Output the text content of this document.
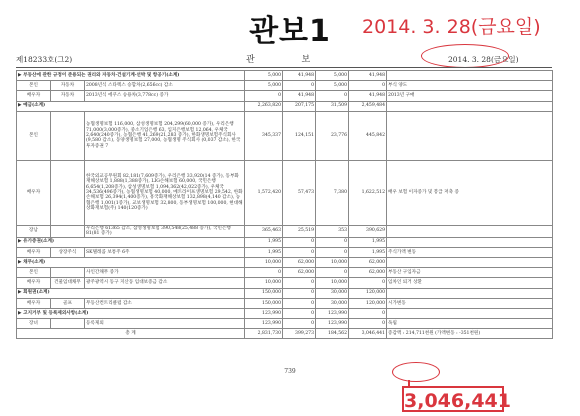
관보1	2014. 3. 28(금요일)
제18233호(그2)	관 보	2014. 3. 28(금요일)
▶ 부동산에 관한 규정이 준용되는 권리와 자동차·건설기계·선박 및 항공기(소계)			5,000	41,948	5,000	41,948	
본인	자동차	2008년식 스타렉스 승합차(2,656cc) 감소	5,000	0	5,000	0	부식 양도
배우자	자동차	2013년식 에쿠스 승용차(3,778cc) 증가	0	41,948	0	41,948	2013년 구매
▶ 예금(소계)			2,263,820	207,175	31,509	2,459,484	
본인		농협생명보험 116,000, 삼성생명보험 204,299(60,000 증가), 우리은행 71,000(3,000증가), 중소기업은행 63, 입지은행보험 12,064, 우체국 2,640(240증가), 농협은행 41,269(21,283 증가), 한화생명보험주식회사 (9,580 감소), 동양생명보험 27,000, 농협생명 주식회사 (0,037 감소), 한국투자증권 7	345,337	124,151	23,776	445,842	
배우자		한국외교공무원회 82,181(7,609증가), 우리은행 33,920(14 증가), 동부화재해상보험 1,888(1,388증가), LIG손해보험 60,000, 국민은행 6,654(1,208증가), 삼성생명보험 1,094,362(42,022증가), 우체국 34,536(496증가), 농협생명보험 40,000, 메트라이프생명보험 29,542, 한화손해보험 26,394(1,400증가), 흥국화재해상보험 132,898(4,140 감소), 농협은행 1,001(1증가), 교보생명보험 32,800, 동부생명보험 100,000, 현대해상화재보험(주) 140(120증가)	1,572,420	57,473	7,380	1,622,512	배우 보험 이자증가 및 봉급 저축 증
장남		우리은행 61365 감소, 삼성생명보험 390,548(25,488 증가), 국민은행 81(81 증가)	365,463	25,519	353	390,629	
▶ 유가증권(소계)			1,995	0	0	1,995	
배우자	상장주식	SK텔레콤 보통주 6주	1,995	0	0	1,995	주식가액 변동
▶ 채무(소계)			10,000	62,000	10,000	62,000	
본인		사인간채무 증가	0	62,000	0	62,000	부동산 구입자금
배우자	건물임대채무	광주광역시 동구 지산동 임대보증금 감소	10,000	0	10,000	0	임차인 퇴거 상환
▶ 회원권(소계)			150,000	0	30,000	120,000	
배우자	골프	무등산컨트리클럽 감소	150,000	0	30,000	120,000	시가변동
▶ 고지거부 및 등록제외사항(소계)			123,990	0	123,990	0	
장녀		등록제외	123,990	0	123,990	0	독립
총 계			2,831,730	399,273	184,562	3,046,441	증감액 : 214,711천원 (가액변동 : -351천원)
739
3,046,441
